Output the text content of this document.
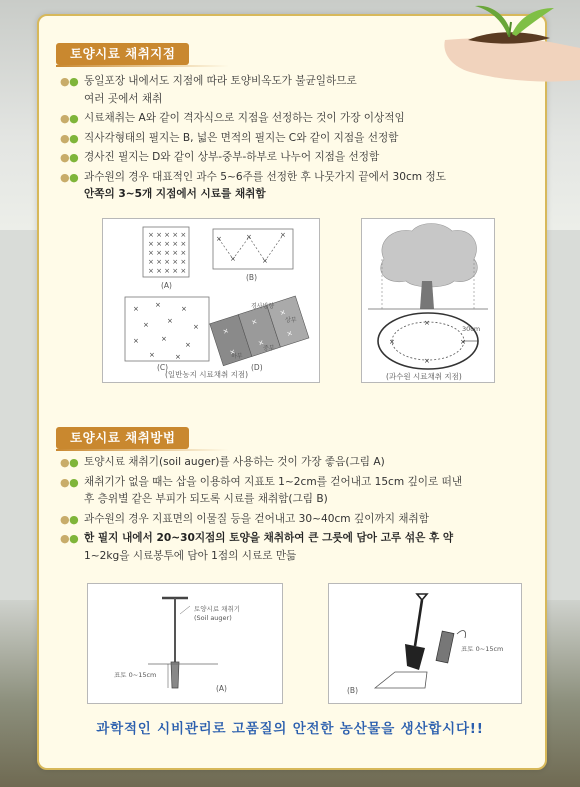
토양시료 채취지점
● ● 동일포장 내에서도 지점에 따라 토양비옥도가 불균일하므로
여러 곳에서 채취
● ● 시료채취는 A와 같이 격자식으로 지점을 선정하는 것이 가장 이상적임
● ● 직사각형태의 필지는 B, 넓은 면적의 필지는 C와 같이 지점을 선정함
● ● 경사진 필지는 D와 같이 상부-중부-하부로 나누어 지점을 선정함
● ● 과수원의 경우 대표적인 과수 5~6주를 선정한 후 나뭇가지 끝에서 30cm 정도
안쪽의 3~5개 지점에서 시료를 채취함
× × × × ×
× × × × ×
× × × × ×
× × × × ×
× × × × ×
×
×
×
×
×
× ×	×
×	×
×
×	×
×
×	×
×
×
×
×
×
×
(A)
(B)
(C)	(D)
경사방향
상부
중부
하부
(일반농지 시료채취 지점)
×	×
×
×
30cm
(과수원 시료채취 지점)
토양시료 채취방법
● ● 토양시료 채취기(soil auger)를 사용하는 것이 가장 좋음(그림 A)
● ● 채취기가 없을 때는 삽을 이용하여 지표토 1~2cm를 걷어내고 15cm 깊이로 떠낸
후 층위별 같은 부피가 되도록 시료를 채취함(그림 B)
● ● 과수원의 경우 지표면의 이물질 등을 걷어내고 30~40cm 깊이까지 채취함
● ● 한 필지 내에서 20~30지점의 토양을 채취하여 큰 그릇에 담아 고루 섞은 후 약
1~2kg을 시료봉투에 담아 1점의 시료로 만듦
토양시료 채취기
(Soil auger)
표토 0~15cm
(A)
표토 0~15cm
(B)
과학적인 시비관리로 고품질의 안전한 농산물을 생산합시다!!
